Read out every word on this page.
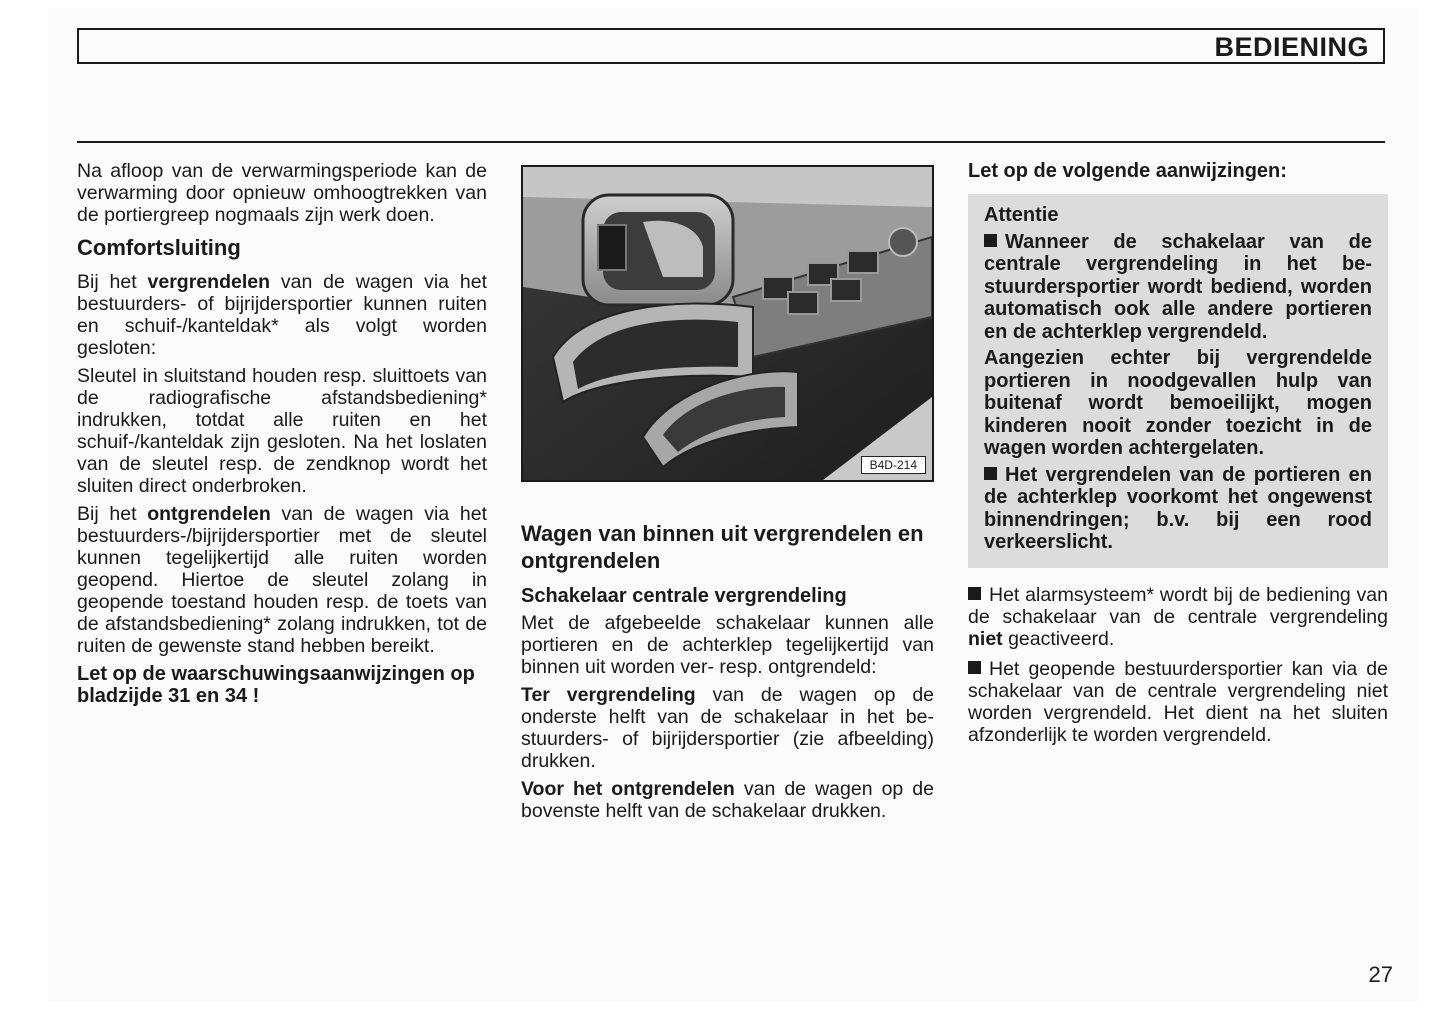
BEDIENING

Na afloop van de verwarmingsperiode kan de verwarming door opnieuw omhoogtrekken van de portiergreep nogmaals zijn werk doen.

Comfortsluiting

Bij het vergrendelen van de wagen via het bestuurders- of bijrijdersportier kunnen ruiten en schuif-/kanteldak* als volgt worden gesloten:

Sleutel in sluitstand houden resp. sluittoets van de radiografische afstandsbediening* indrukken, totdat alle ruiten en het schuif-/kanteldak zijn gesloten. Na het loslaten van de sleutel resp. de zendknop wordt het sluiten direct onderbroken.

Bij het ontgrendelen van de wagen via het bestuurders-/bijrijdersportier met de sleutel kunnen tegelijkertijd alle ruiten worden geopend. Hiertoe de sleutel zolang in geopende toestand houden resp. de toets van de afstandsbediening* zolang indrukken, tot de ruiten de gewenste stand hebben bereikt.

Let op de waarschuwingsaanwijzingen op bladzijde 31 en 34 !
B4D-214
Wagen van binnen uit vergrendelen en ontgrendelen
Schakelaar centrale vergrendeling

Met de afgebeelde schakelaar kunnen alle portieren en de achterklep tegelijkertijd van binnen uit worden ver- resp. ontgrendeld:

Ter vergrendeling van de wagen op de onderste helft van de schakelaar in het bestuurders- of bijrijdersportier (zie afbeelding) drukken.

Voor het ontgrendelen van de wagen op de bovenste helft van de schakelaar drukken.

Let op de volgende aanwijzingen:

Attentie

Wanneer de schakelaar van de centrale vergrendeling in het bestuurdersportier wordt bediend, worden automatisch ook alle andere portieren en de achterklep vergrendeld.

Aangezien echter bij vergrendelde portieren in noodgevallen hulp van buitenaf wordt bemoeilijkt, mogen kinderen nooit zonder toezicht in de wagen worden achtergelaten.

Het vergrendelen van de portieren en de achterklep voorkomt het ongewenst binnendringen; b.v. bij een rood verkeerslicht.

Het alarmsysteem* wordt bij de bediening van de schakelaar van de centrale vergrendeling niet geactiveerd.

Het geopende bestuurdersportier kan via de schakelaar van de centrale vergrendeling niet worden vergrendeld. Het dient na het sluiten afzonderlijk te worden vergrendeld.

27
